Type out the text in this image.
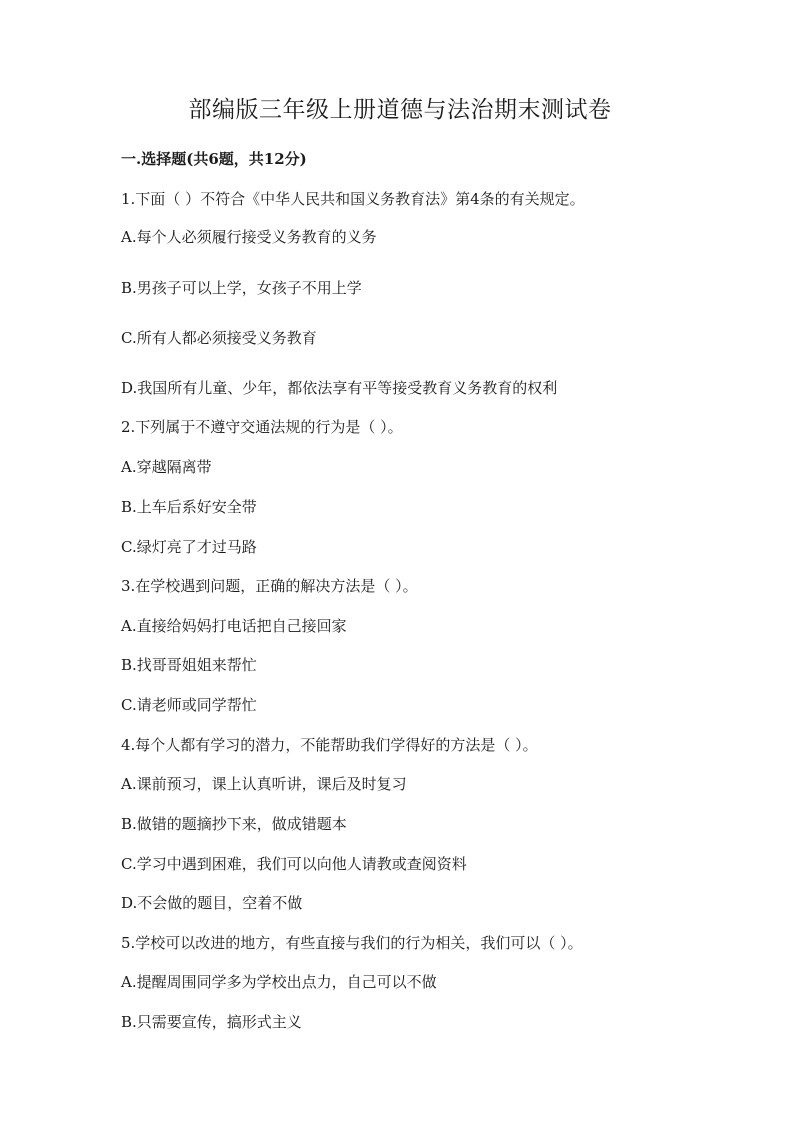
部编版三年级上册道德与法治期末测试卷

一.选择题(共6题，共12分)

1.下面（ ）不符合《中华人民共和国义务教育法》第4条的有关规定。

A.每个人必须履行接受义务教育的义务

B.男孩子可以上学，女孩子不用上学

C.所有人都必须接受义务教育

D.我国所有儿童、少年，都依法享有平等接受教育义务教育的权利

2.下列属于不遵守交通法规的行为是（ ）。

A.穿越隔离带

B.上车后系好安全带

C.绿灯亮了才过马路

3.在学校遇到问题，正确的解决方法是（ ）。

A.直接给妈妈打电话把自己接回家

B.找哥哥姐姐来帮忙

C.请老师或同学帮忙

4.每个人都有学习的潜力，不能帮助我们学得好的方法是（ ）。

A.课前预习，课上认真听讲，课后及时复习

B.做错的题摘抄下来，做成错题本

C.学习中遇到困难，我们可以向他人请教或查阅资料

D.不会做的题目，空着不做

5.学校可以改进的地方，有些直接与我们的行为相关，我们可以（ ）。

A.提醒周围同学多为学校出点力，自己可以不做

B.只需要宣传，搞形式主义
